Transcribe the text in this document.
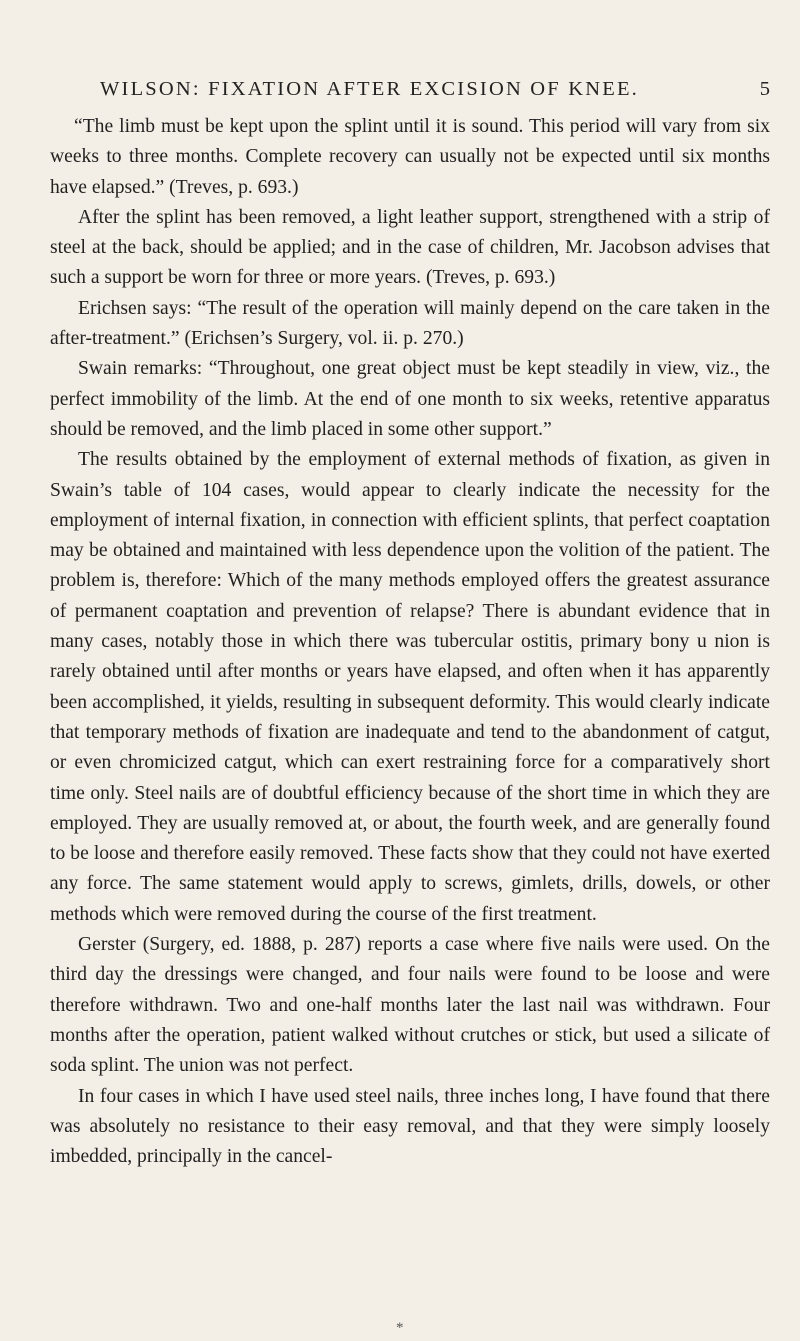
WILSON: FIXATION AFTER EXCISION OF KNEE.	5

“The limb must be kept upon the splint until it is sound. This period will vary from six weeks to three months. Complete recovery can usually not be expected until six months have elapsed.” (Treves, p. 693.)

After the splint has been removed, a light leather support, strengthened with a strip of steel at the back, should be applied; and in the case of children, Mr. Jacobson advises that such a support be worn for three or more years. (Treves, p. 693.)

Erichsen says: “The result of the operation will mainly depend on the care taken in the after-treatment.” (Erichsen’s Surgery, vol. ii. p. 270.)

Swain remarks: “Throughout, one great object must be kept steadily in view, viz., the perfect immobility of the limb. At the end of one month to six weeks, retentive apparatus should be removed, and the limb placed in some other support.”

The results obtained by the employment of external methods of fixation, as given in Swain’s table of 104 cases, would appear to clearly indicate the necessity for the employment of internal fixation, in connection with efficient splints, that perfect coaptation may be obtained and maintained with less dependence upon the volition of the patient. The problem is, therefore: Which of the many methods employed offers the greatest assurance of permanent coaptation and prevention of relapse? There is abundant evidence that in many cases, notably those in which there was tubercular ostitis, primary bony u nion is rarely obtained until after months or years have elapsed, and often when it has apparently been accomplished, it yields, resulting in subsequent deformity. This would clearly indicate that temporary methods of fixation are inadequate and tend to the abandonment of catgut, or even chromicized catgut, which can exert restraining force for a comparatively short time only. Steel nails are of doubtful efficiency because of the short time in which they are employed. They are usually removed at, or about, the fourth week, and are generally found to be loose and therefore easily removed. These facts show that they could not have exerted any force. The same statement would apply to screws, gimlets, drills, dowels, or other methods which were removed during the course of the first treatment.

Gerster (Surgery, ed. 1888, p. 287) reports a case where five nails were used. On the third day the dressings were changed, and four nails were found to be loose and were therefore withdrawn. Two and one-half months later the last nail was withdrawn. Four months after the operation, patient walked without crutches or stick, but used a silicate of soda splint. The union was not perfect.

In four cases in which I have used steel nails, three inches long, I have found that there was absolutely no resistance to their easy removal, and that they were simply loosely imbedded, principally in the cancel-

*
